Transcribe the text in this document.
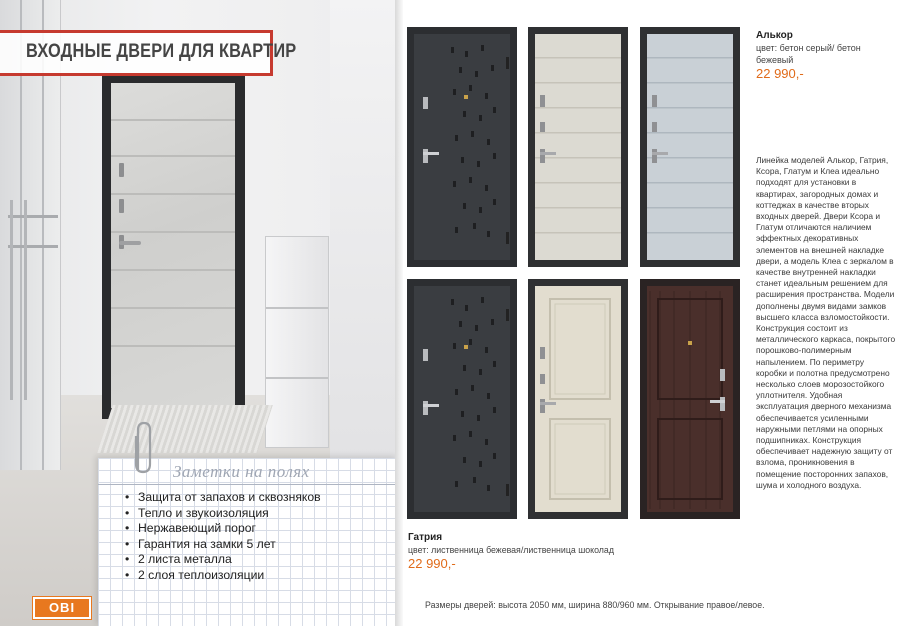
ВХОДНЫЕ ДВЕРИ ДЛЯ КВАРТИР
Заметки на полях
• Защита от запахов и сквозняков
• Тепло и звукоизоляция
• Нержавеющий порог
• Гарантия на замки 5 лет
• 2 листа металла
• 2 слоя теплоизоляции
OBI
Алькор
цвет: бетон серый/ бетон бежевый
22 990,-
Линейка моделей Алькор, Гатрия, Ксора, Глатум и Клеа идеально подходят для установки в квартирах, загородных домах и коттеджах в качестве вторых входных дверей. Двери Ксора и Глатум отличаются наличием эффектных декоративных элементов на внешней накладке двери, а модель Клеа с зеркалом в качестве внутренней накладки станет идеальным решением для расширения пространства. Модели дополнены двумя видами замков высшего класса взломостойкости. Конструкция состоит из металлического каркаса, покрытого порошково-полимерным напылением. По периметру коробки и полотна предусмотрено несколько слоев морозостойкого уплотнителя. Удобная эксплуатация дверного механизма обеспечивается усиленными наружными петлями на опорных подшипниках. Конструкция обеспечивает надежную защиту от взлома, проникновения в помещение посторонних запахов, шума и холодного воздуха.
Гатрия
цвет: лиственница бежевая/лиственница шоколад
22 990,-
Размеры дверей: высота 2050 мм, ширина 880/960 мм. Открывание правое/левое.
